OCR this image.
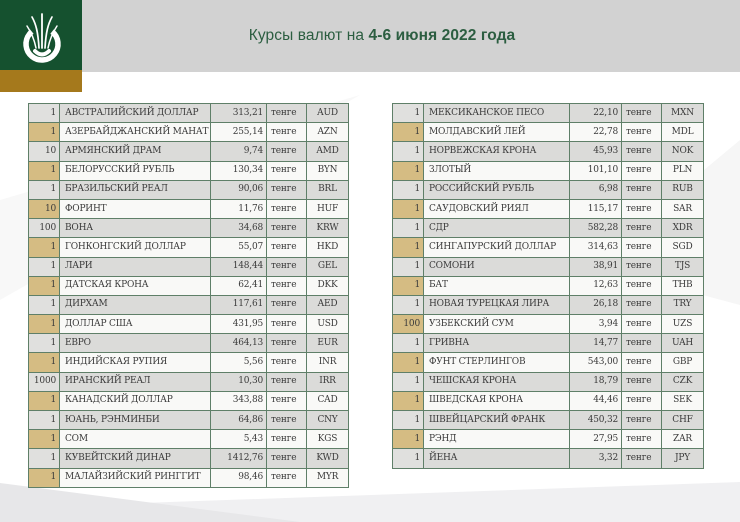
Курсы валют на 4-6 июня 2022 года
1	АВСТРАЛИЙСКИЙ ДОЛЛАР	313,21	тенге	AUD
1	АЗЕРБАЙДЖАНСКИЙ МАНАТ	255,14	тенге	AZN
10	АРМЯНСКИЙ ДРАМ	9,74	тенге	AMD
1	БЕЛОРУССКИЙ РУБЛЬ	130,34	тенге	BYN
1	БРАЗИЛЬСКИЙ РЕАЛ	90,06	тенге	BRL
10	ФОРИНТ	11,76	тенге	HUF
100	ВОНА	34,68	тенге	KRW
1	ГОНКОНГСКИЙ ДОЛЛАР	55,07	тенге	HKD
1	ЛАРИ	148,44	тенге	GEL
1	ДАТСКАЯ КРОНА	62,41	тенге	DKK
1	ДИРХАМ	117,61	тенге	AED
1	ДОЛЛАР США	431,95	тенге	USD
1	ЕВРО	464,13	тенге	EUR
1	ИНДИЙСКАЯ РУПИЯ	5,56	тенге	INR
1000	ИРАНСКИЙ РЕАЛ	10,30	тенге	IRR
1	КАНАДСКИЙ ДОЛЛАР	343,88	тенге	CAD
1	ЮАНЬ, РЭНМИНБИ	64,86	тенге	CNY
1	СОМ	5,43	тенге	KGS
1	КУВЕЙТСКИЙ ДИНАР	1412,76	тенге	KWD
1	МАЛАЙЗИЙСКИЙ РИНГГИТ	98,46	тенге	MYR
1	МЕКСИКАНСКОЕ ПЕСО	22,10	тенге	MXN
1	МОЛДАВСКИЙ ЛЕЙ	22,78	тенге	MDL
1	НОРВЕЖСКАЯ КРОНА	45,93	тенге	NOK
1	ЗЛОТЫЙ	101,10	тенге	PLN
1	РОССИЙСКИЙ РУБЛЬ	6,98	тенге	RUB
1	САУДОВСКИЙ РИЯЛ	115,17	тенге	SAR
1	СДР	582,28	тенге	XDR
1	СИНГАПУРСКИЙ ДОЛЛАР	314,63	тенге	SGD
1	СОМОНИ	38,91	тенге	TJS
1	БАТ	12,63	тенге	THB
1	НОВАЯ ТУРЕЦКАЯ ЛИРА	26,18	тенге	TRY
100	УЗБЕКСКИЙ СУМ	3,94	тенге	UZS
1	ГРИВНА	14,77	тенге	UAH
1	ФУНТ СТЕРЛИНГОВ	543,00	тенге	GBP
1	ЧЕШСКАЯ КРОНА	18,79	тенге	CZK
1	ШВЕДСКАЯ КРОНА	44,46	тенге	SEK
1	ШВЕЙЦАРСКИЙ ФРАНК	450,32	тенге	CHF
1	РЭНД	27,95	тенге	ZAR
1	ЙЕНА	3,32	тенге	JPY
